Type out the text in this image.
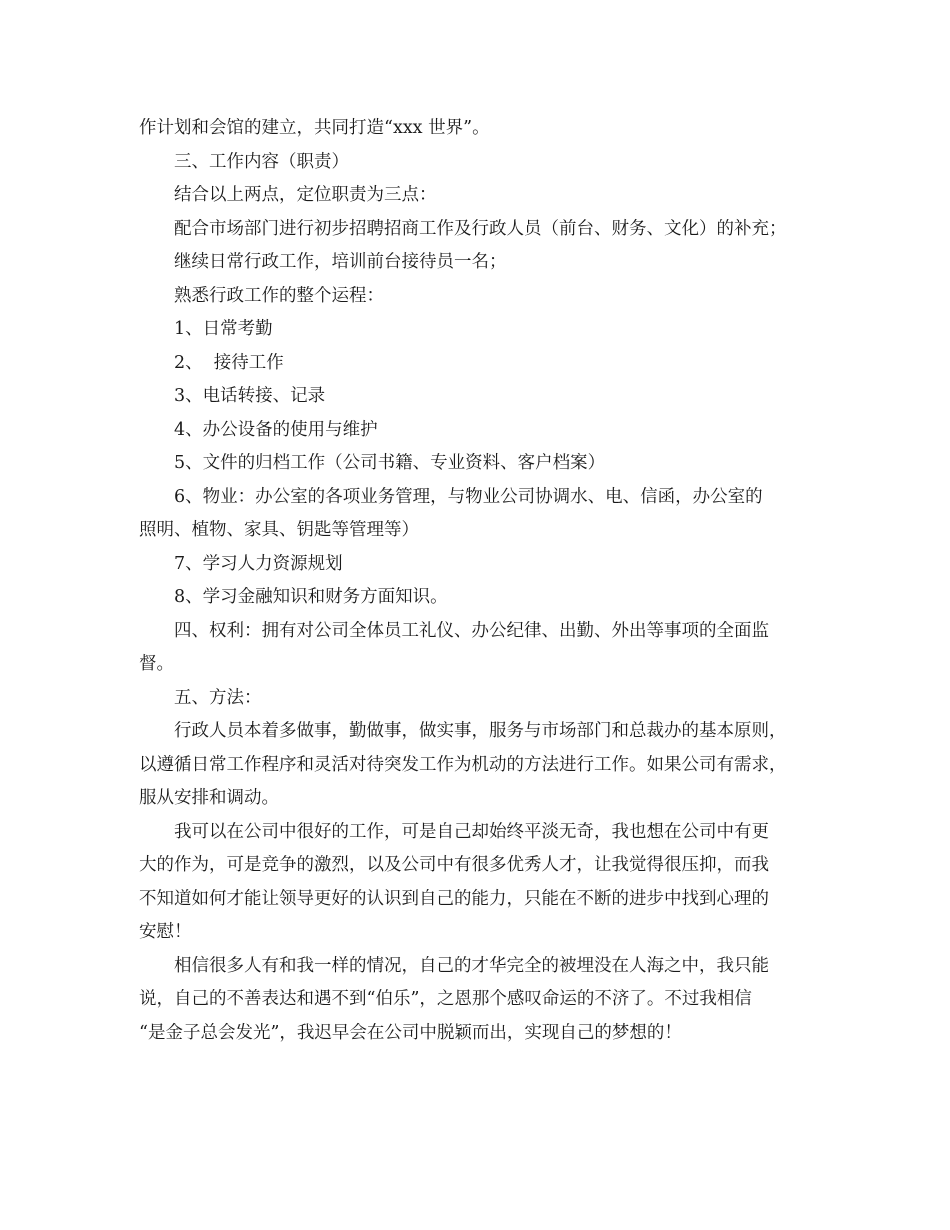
作计划和会馆的建立，共同打造“xxx 世界”。
三、工作内容（职责）
结合以上两点，定位职责为三点：
配合市场部门进行初步招聘招商工作及行政人员（前台、财务、文化）的补充；
继续日常行政工作，培训前台接待员一名；
熟悉行政工作的整个运程：
1、日常考勤
2、  接待工作
3、电话转接、记录
4、办公设备的使用与维护
5、文件的归档工作（公司书籍、专业资料、客户档案）
6、物业：办公室的各项业务管理，与物业公司协调水、电、信函，办公室的
照明、植物、家具、钥匙等管理等）
7、学习人力资源规划
8、学习金融知识和财务方面知识。
四、权利：拥有对公司全体员工礼仪、办公纪律、出勤、外出等事项的全面监
督。
五、方法：
行政人员本着多做事，勤做事，做实事，服务与市场部门和总裁办的基本原则，
以遵循日常工作程序和灵活对待突发工作为机动的方法进行工作。如果公司有需求，
服从安排和调动。
我可以在公司中很好的工作，可是自己却始终平淡无奇，我也想在公司中有更
大的作为，可是竞争的激烈，以及公司中有很多优秀人才，让我觉得很压抑，而我
不知道如何才能让领导更好的认识到自己的能力，只能在不断的进步中找到心理的
安慰！
相信很多人有和我一样的情况，自己的才华完全的被埋没在人海之中，我只能
说，自己的不善表达和遇不到“伯乐”，之恩那个感叹命运的不济了。不过我相信
“是金子总会发光”，我迟早会在公司中脱颖而出，实现自己的梦想的！
